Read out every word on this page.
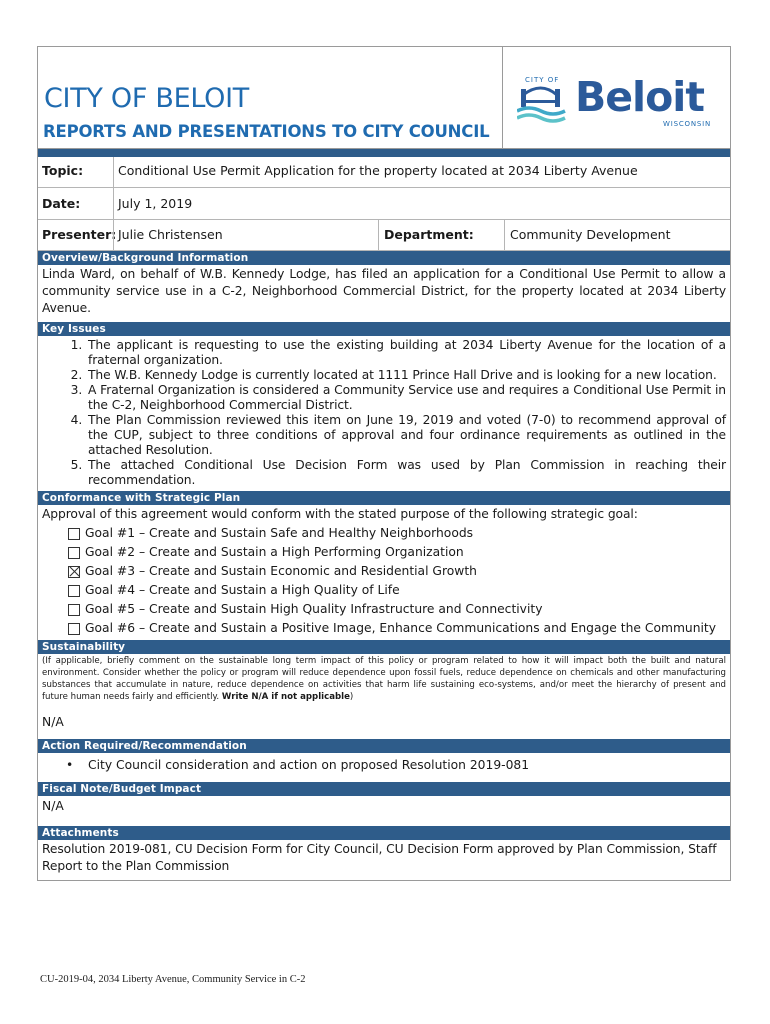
CITY OF BELOIT
REPORTS AND PRESENTATIONS TO CITY COUNCIL
CITY OF Beloit
WISCONSIN
Topic:	Conditional Use Permit Application for the property located at 2034 Liberty Avenue
Date:	July 1, 2019
Presenter: Julie Christensen	Department:	Community Development
Overview/Background Information
Linda Ward, on behalf of W.B. Kennedy Lodge, has filed an application for a Conditional Use Permit to allow a community service use in a C-2, Neighborhood Commercial District, for the property located at 2034 Liberty Avenue.
Key Issues
1. The applicant is requesting to use the existing building at 2034 Liberty Avenue for the location of a fraternal organization.
2. The W.B. Kennedy Lodge is currently located at 1111 Prince Hall Drive and is looking for a new location.
3. A Fraternal Organization is considered a Community Service use and requires a Conditional Use Permit in the C-2, Neighborhood Commercial District.
4. The Plan Commission reviewed this item on June 19, 2019 and voted (7-0) to recommend approval of the CUP, subject to three conditions of approval and four ordinance requirements as outlined in the attached Resolution.
5. The attached Conditional Use Decision Form was used by Plan Commission in reaching their recommendation.
Conformance with Strategic Plan
Approval of this agreement would conform with the stated purpose of the following strategic goal:
Goal #1 – Create and Sustain Safe and Healthy Neighborhoods
Goal #2 – Create and Sustain a High Performing Organization
Goal #3 – Create and Sustain Economic and Residential Growth
Goal #4 – Create and Sustain a High Quality of Life
Goal #5 – Create and Sustain High Quality Infrastructure and Connectivity
Goal #6 – Create and Sustain a Positive Image, Enhance Communications and Engage the Community
Sustainability
(If applicable, briefly comment on the sustainable long term impact of this policy or program related to how it will impact both the built and natural environment. Consider whether the policy or program will reduce dependence upon fossil fuels, reduce dependence on chemicals and other manufacturing substances that accumulate in nature, reduce dependence on activities that harm life sustaining eco-systems, and/or meet the hierarchy of present and future human needs fairly and efficiently. Write N/A if not applicable)
N/A
Action Required/Recommendation
• City Council consideration and action on proposed Resolution 2019-081
Fiscal Note/Budget Impact
N/A
Attachments
Resolution 2019-081, CU Decision Form for City Council, CU Decision Form approved by Plan Commission, Staff Report to the Plan Commission
CU-2019-04, 2034 Liberty Avenue, Community Service in C-2
